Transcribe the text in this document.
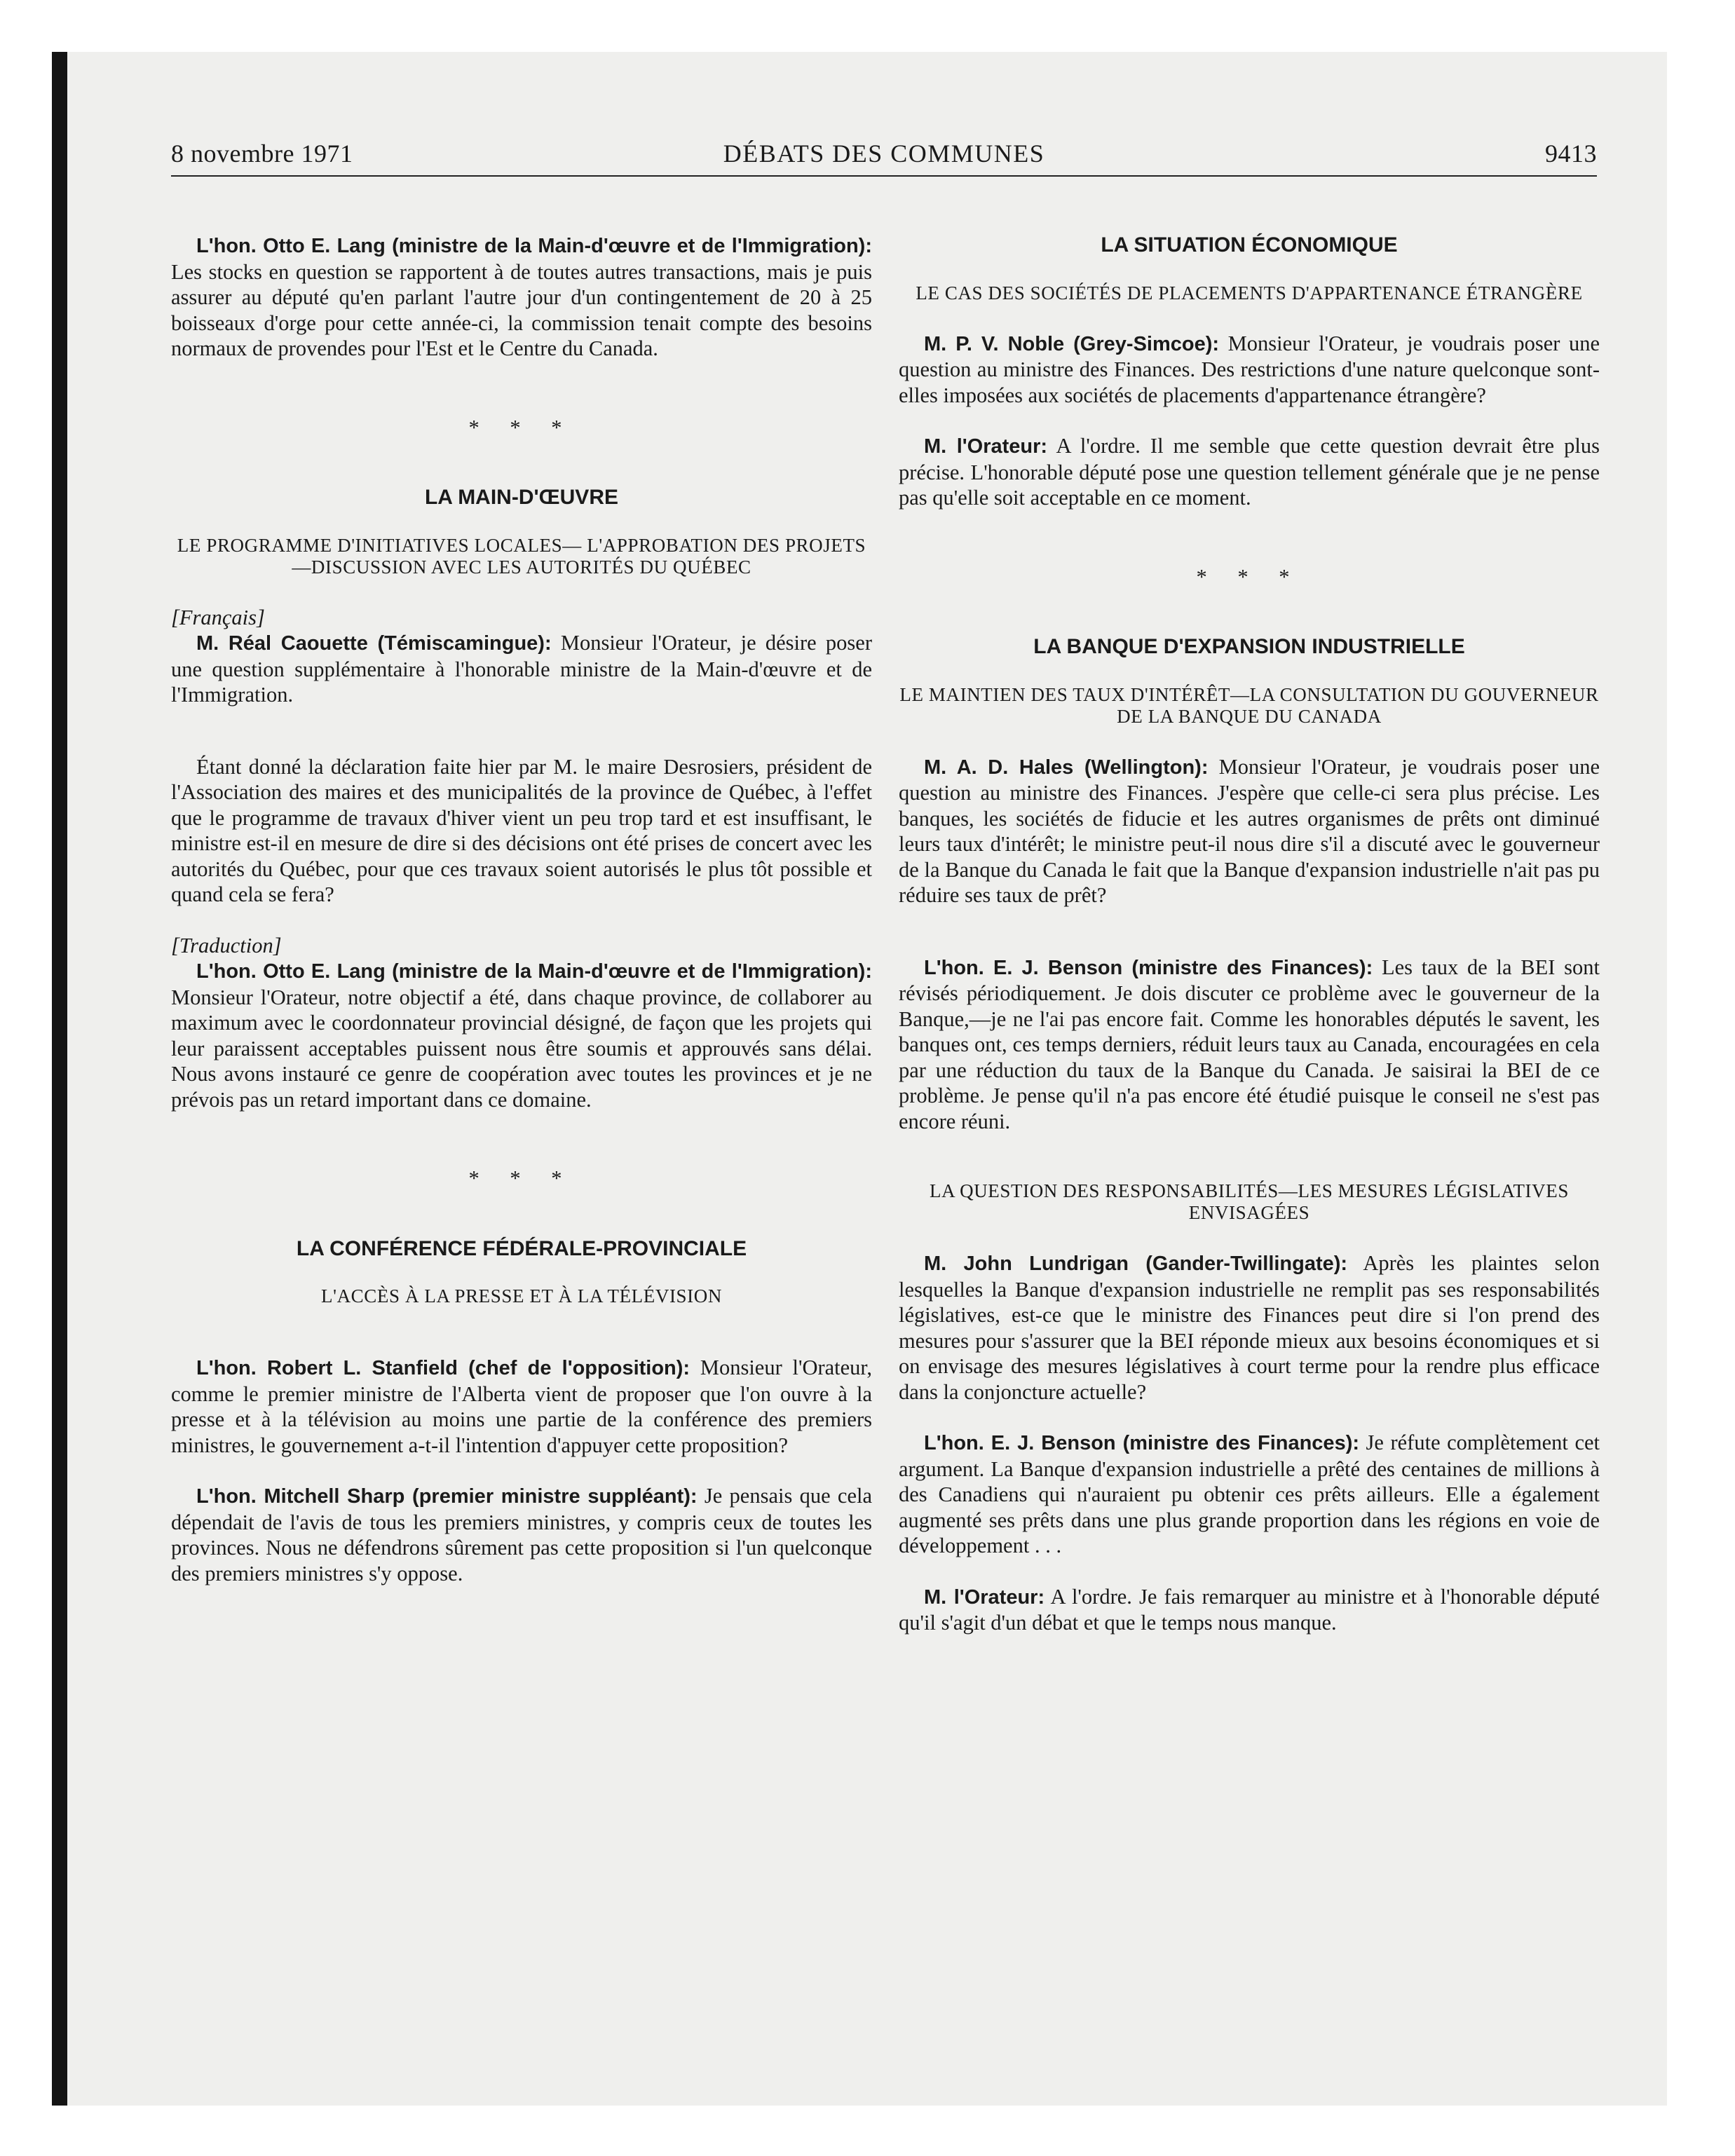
8 novembre 1971	DÉBATS DES COMMUNES	9413

L'hon. Otto E. Lang (ministre de la Main-d'œuvre et de l'Immigration): Les stocks en question se rapportent à de toutes autres transactions, mais je puis assurer au député qu'en parlant l'autre jour d'un contingentement de 20 à 25 boisseaux d'orge pour cette année-ci, la commission tenait compte des besoins normaux de provendes pour l'Est et le Centre du Canada.

* * *
LA MAIN-D'ŒUVRE
LE PROGRAMME D'INITIATIVES LOCALES— L'APPROBATION DES PROJETS—DISCUSSION AVEC LES AUTORITÉS DU QUÉBEC

[Français]

M. Réal Caouette (Témiscamingue): Monsieur l'Orateur, je désire poser une question supplémentaire à l'honorable ministre de la Main-d'œuvre et de l'Immigration.

Étant donné la déclaration faite hier par M. le maire Desrosiers, président de l'Association des maires et des municipalités de la province de Québec, à l'effet que le programme de travaux d'hiver vient un peu trop tard et est insuffisant, le ministre est-il en mesure de dire si des décisions ont été prises de concert avec les autorités du Québec, pour que ces travaux soient autorisés le plus tôt possible et quand cela se fera?

[Traduction]

L'hon. Otto E. Lang (ministre de la Main-d'œuvre et de l'Immigration): Monsieur l'Orateur, notre objectif a été, dans chaque province, de collaborer au maximum avec le coordonnateur provincial désigné, de façon que les projets qui leur paraissent acceptables puissent nous être soumis et approuvés sans délai. Nous avons instauré ce genre de coopération avec toutes les provinces et je ne prévois pas un retard important dans ce domaine.

* * *
LA CONFÉRENCE FÉDÉRALE-PROVINCIALE
L'ACCÈS À LA PRESSE ET À LA TÉLÉVISION

L'hon. Robert L. Stanfield (chef de l'opposition): Monsieur l'Orateur, comme le premier ministre de l'Alberta vient de proposer que l'on ouvre à la presse et à la télévision au moins une partie de la conférence des premiers ministres, le gouvernement a-t-il l'intention d'appuyer cette proposition?

L'hon. Mitchell Sharp (premier ministre suppléant): Je pensais que cela dépendait de l'avis de tous les premiers ministres, y compris ceux de toutes les provinces. Nous ne défendrons sûrement pas cette proposition si l'un quelconque des premiers ministres s'y oppose.

LA SITUATION ÉCONOMIQUE
LE CAS DES SOCIÉTÉS DE PLACEMENTS D'APPARTENANCE ÉTRANGÈRE

M. P. V. Noble (Grey-Simcoe): Monsieur l'Orateur, je voudrais poser une question au ministre des Finances. Des restrictions d'une nature quelconque sont-elles imposées aux sociétés de placements d'appartenance étrangère?

M. l'Orateur: A l'ordre. Il me semble que cette question devrait être plus précise. L'honorable député pose une question tellement générale que je ne pense pas qu'elle soit acceptable en ce moment.

* * *
LA BANQUE D'EXPANSION INDUSTRIELLE
LE MAINTIEN DES TAUX D'INTÉRÊT—LA CONSULTATION DU GOUVERNEUR DE LA BANQUE DU CANADA

M. A. D. Hales (Wellington): Monsieur l'Orateur, je voudrais poser une question au ministre des Finances. J'espère que celle-ci sera plus précise. Les banques, les sociétés de fiducie et les autres organismes de prêts ont diminué leurs taux d'intérêt; le ministre peut-il nous dire s'il a discuté avec le gouverneur de la Banque du Canada le fait que la Banque d'expansion industrielle n'ait pas pu réduire ses taux de prêt?

L'hon. E. J. Benson (ministre des Finances): Les taux de la BEI sont révisés périodiquement. Je dois discuter ce problème avec le gouverneur de la Banque,—je ne l'ai pas encore fait. Comme les honorables députés le savent, les banques ont, ces temps derniers, réduit leurs taux au Canada, encouragées en cela par une réduction du taux de la Banque du Canada. Je saisirai la BEI de ce problème. Je pense qu'il n'a pas encore été étudié puisque le conseil ne s'est pas encore réuni.

LA QUESTION DES RESPONSABILITÉS—LES MESURES LÉGISLATIVES ENVISAGÉES

M. John Lundrigan (Gander-Twillingate): Après les plaintes selon lesquelles la Banque d'expansion industrielle ne remplit pas ses responsabilités législatives, est-ce que le ministre des Finances peut dire si l'on prend des mesures pour s'assurer que la BEI réponde mieux aux besoins économiques et si on envisage des mesures législatives à court terme pour la rendre plus efficace dans la conjoncture actuelle?

L'hon. E. J. Benson (ministre des Finances): Je réfute complètement cet argument. La Banque d'expansion industrielle a prêté des centaines de millions à des Canadiens qui n'auraient pu obtenir ces prêts ailleurs. Elle a également augmenté ses prêts dans une plus grande proportion dans les régions en voie de développement . . .

M. l'Orateur: A l'ordre. Je fais remarquer au ministre et à l'honorable député qu'il s'agit d'un débat et que le temps nous manque.
